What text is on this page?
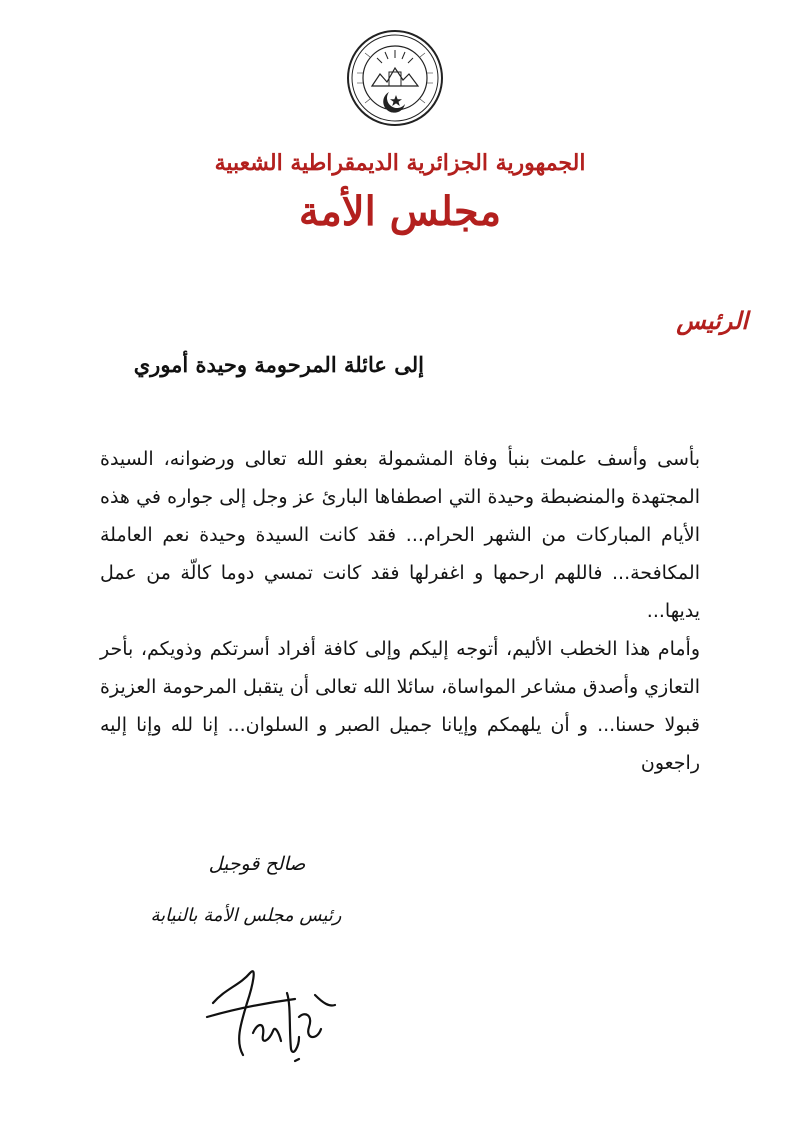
الجمهورية الجزائرية الديمقراطية الشعبية
مجلس الأمة
الرئيس
إلى عائلة المرحومة وحيدة أموري

بأسى وأسف علمت بنبأ وفاة المشمولة بعفو الله تعالى ورضوانه، السيدة المجتهدة والمنضبطة وحيدة التي اصطفاها البارئ عز وجل إلى جواره في هذه الأيام المباركات من الشهر الحرام... فقد كانت السيدة وحيدة نعم العاملة المكافحة... فاللهم ارحمها و اغفرلها فقد كانت تمسي دوما كالّة من عمل يديها...

وأمام هذا الخطب الأليم، أتوجه إليكم وإلى كافة أفراد أسرتكم وذويكم، بأحر التعازي وأصدق مشاعر المواساة، سائلا الله تعالى أن يتقبل المرحومة العزيزة قبولا حسنا... و أن يلهمكم وإيانا جميل الصبر و السلوان... إنا لله وإنا إليه راجعون

صالح قوجيل
رئيس مجلس الأمة بالنيابة
